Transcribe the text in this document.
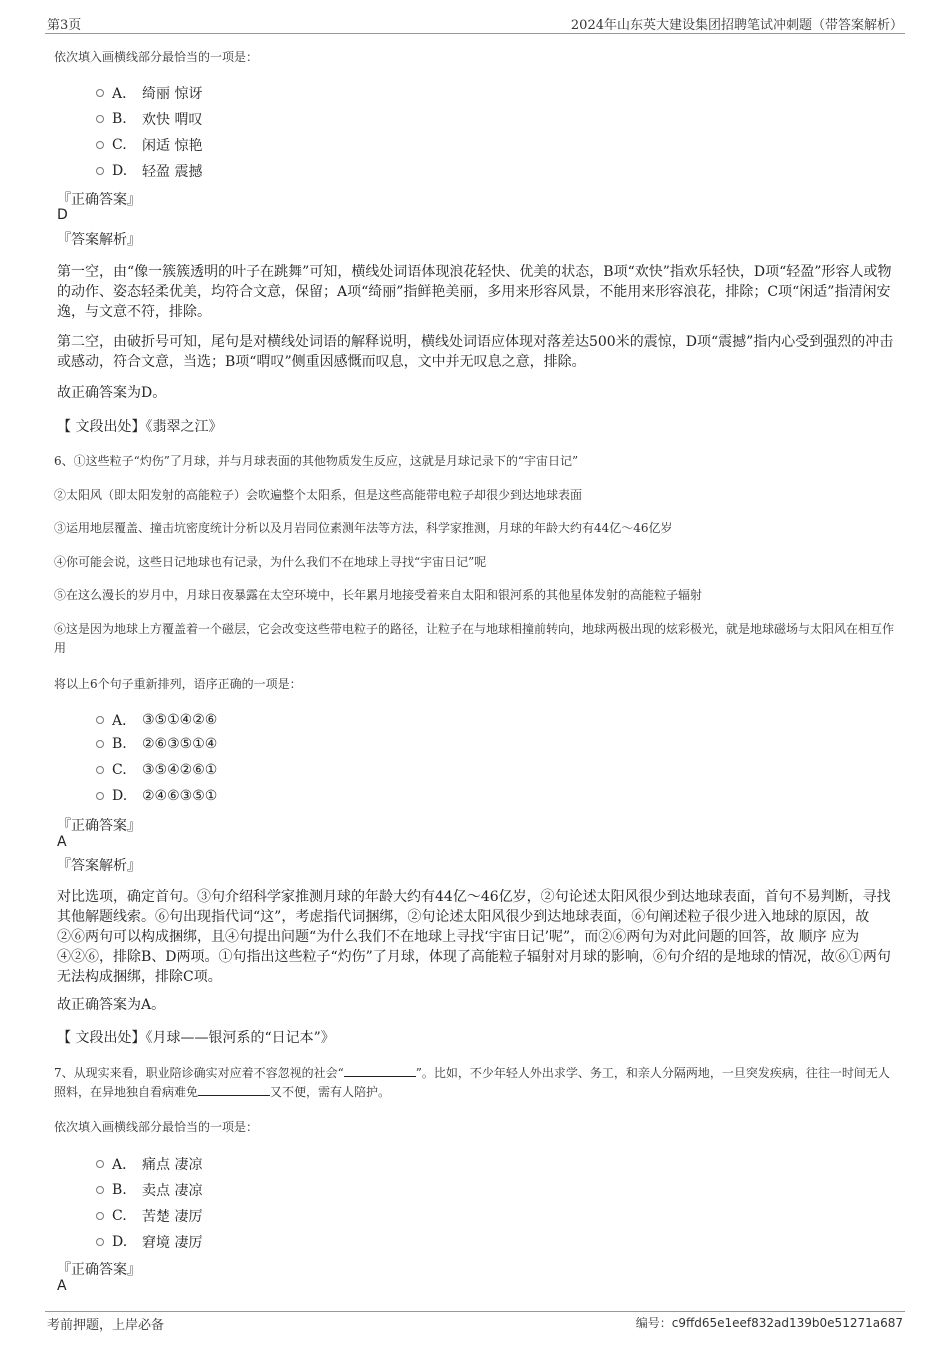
第3页	2024年山东英大建设集团招聘笔试冲刺题（带答案解析）
依次填入画横线部分最恰当的一项是：
A． 绮丽 惊讶
B.	欢快 喟叹
C.	闲适 惊艳
D.	轻盈 震撼
『正确答案』
D
『答案解析』
第一空，由“像一簇簇透明的叶子在跳舞”可知，横线处词语体现浪花轻快、优美的状态，B项“欢快”指欢乐轻快，D项“轻盈”形容人或物的动作、姿态轻柔优美，均符合文意，保留；A项“绮丽”指鲜艳美丽，多用来形容风景，不能用来形容浪花，排除；C项“闲适”指清闲安逸，与文意不符，排除。
第二空，由破折号可知，尾句是对横线处词语的解释说明，横线处词语应体现对落差达500米的震惊，D项“震撼”指内心受到强烈的冲击或感动，符合文意，当选；B项“喟叹”侧重因感慨而叹息，文中并无叹息之意，排除。
故正确答案为D。
【 文段出处】《翡翠之江》
6、①这些粒子“灼伤”了月球，并与月球表面的其他物质发生反应，这就是月球记录下的“宇宙日记”
②太阳风（即太阳发射的高能粒子）会吹遍整个太阳系，但是这些高能带电粒子却很少到达地球表面
③运用地层覆盖、撞击坑密度统计分析以及月岩同位素测年法等方法，科学家推测，月球的年龄大约有44亿～46亿岁
④你可能会说，这些日记地球也有记录，为什么我们不在地球上寻找“宇宙日记”呢
⑤在这么漫长的岁月中，月球日夜暴露在太空环境中，长年累月地接受着来自太阳和银河系的其他星体发射的高能粒子辐射
⑥这是因为地球上方覆盖着一个磁层，它会改变这些带电粒子的路径，让粒子在与地球相撞前转向，地球两极出现的炫彩极光，就是地球磁场与太阳风在相互作用
将以上6个句子重新排列，语序正确的一项是：
A． ③⑤①④②⑥
B.	②⑥③⑤①④
C.	③⑤④②⑥①
D.	②④⑥③⑤①
『正确答案』
A
『答案解析』
对比选项，确定首句。③句介绍科学家推测月球的年龄大约有44亿～46亿岁，②句论述太阳风很少到达地球表面，首句不易判断，寻找其他解题线索。⑥句出现指代词“这”，考虑指代词捆绑，②句论述太阳风很少到达地球表面，⑥句阐述粒子很少进入地球的原因，故②⑥两句可以构成捆绑，且④句提出问题“为什么我们不在地球上寻找‘宇宙日记’呢”，而②⑥两句为对此问题的回答，故 顺序 应为④②⑥，排除B、D两项。①句指出这些粒子“灼伤”了月球，体现了高能粒子辐射对月球的影响，⑥句介绍的是地球的情况，故⑥①两句无法构成捆绑，排除C项。
故正确答案为A。
【 文段出处】《月球——银河系的“日记本”》
7、从现实来看，职业陪诊确实对应着不容忽视的社会“	”。比如，不少年轻人外出求学、务工，和亲人分隔两地，一旦突发疾病，往往一时间无人照料，在异地独自看病难免	又不便，需有人陪护。
依次填入画横线部分最恰当的一项是：
A． 痛点 凄凉
B.	卖点 凄凉
C.	苦楚 凄厉
D.	窘境 凄厉
『正确答案』
A
考前押题，上岸必备	编号：c9ffd65e1eef832ad139b0e51271a687
